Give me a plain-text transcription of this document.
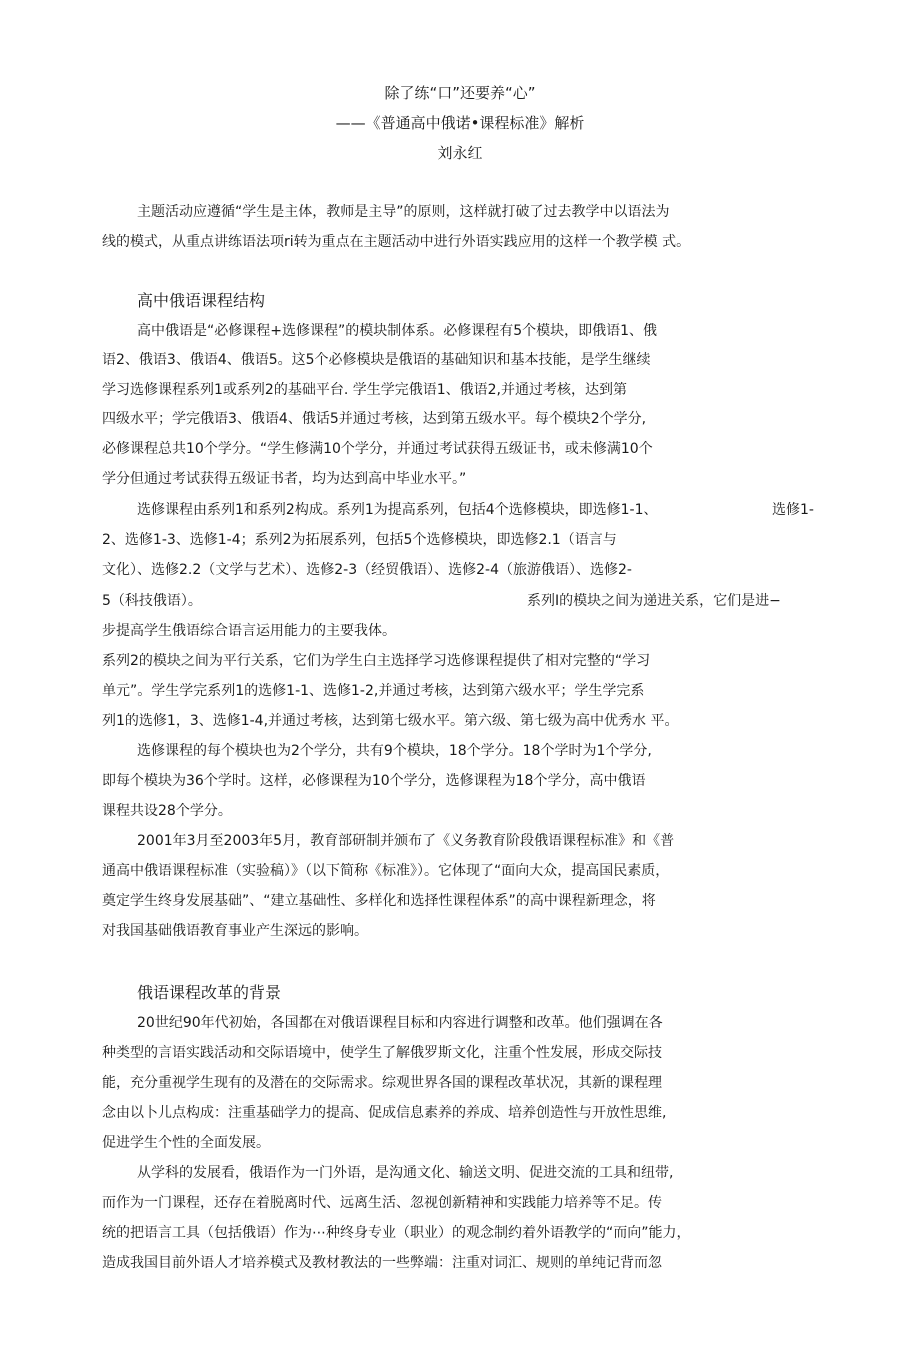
除了练“口”还要养“心”
——《普通高中俄诺•课程标准》解析
刘永红
主题活动应遵循“学生是主体，教师是主导”的原则，这样就打破了过去教学中以语法为
线的模式，从重点讲练语法项ri转为重点在主题活动中进行外语实践应用的这样一个教学模 式。
高中俄语课程结构
高中俄语是“必修课程+选修课程”的模块制体系。必修课程有5个模块，即俄语1、俄
语2、俄语3、俄语4、俄语5。这5个必修模块是俄语的基础知识和基本技能，是学生继续
学习选修课程系列1或系列2的基础平台. 学生学完俄语1、俄语2,并通过考核，达到第
四级水平；学完俄语3、俄语4、俄话5并通过考核，达到第五级水平。每个模块2个学分,
必修课程总共10个学分。“学生修满10个学分，并通过考试获得五级证书，或未修满10个
学分但通过考试获得五级证书者，均为达到高中毕业水平。”
选修课程由系列1和系列2构成。系列1为提高系列，包括4个选修模块，即选修1-1、	选修1-
2、选修1-3、选修1-4；系列2为拓展系列，包括5个选修模块，即选修2.1（语言与
文化）、选修2.2（文学与艺术）、选修2-3（经贸俄语）、选修2-4（旅游俄语）、选修2-
5（科技俄语）。	系列I的模块之间为递进关系，它们是进−
步提高学生俄语综合语言运用能力的主要我体。
系列2的模块之间为平行关系，它们为学生白主选择学习选修课程提供了相对完整的“学习
单元”。学生学完系列1的选修1-1、选修1-2,并通过考核，达到第六级水平；学生学完系
列1的选修1，3、选修1-4,并通过考核，达到第七级水平。第六级、第七级为高中优秀水 平。
选修课程的每个模块也为2个学分，共有9个模块，18个学分。18个学时为1个学分,
即每个模块为36个学时。这样，必修课程为10个学分，选修课程为18个学分，高中俄语
课程共设28个学分。
2001年3月至2003年5月，教育部研制并颁布了《义务教育阶段俄语课程标准》和《普
通高中俄语课程标准（实验稿）》（以下简称《标准》）。它体现了“面向大众，提高国民素质，
奠定学生终身发展基础”、“建立基础性、多样化和选择性课程体系”的高中课程新理念，将
对我国基础俄语教育事业产生深远的影响。
俄语课程改革的背景
20世纪90年代初始，各国都在对俄语课程目标和内容进行调整和改革。他们强调在各
种类型的言语实践活动和交际语境中，使学生了解俄罗斯文化，注重个性发展，形成交际技
能，充分重视学生现有的及潜在的交际需求。综观世界各国的课程改革状况，其新的课程理
念由以卜儿点构成：注重基础学力的提高、促成信息素养的养成、培养创造性与开放性思维,
促进学生个性的全面发展。
从学科的发展看，俄语作为一门外语，是沟通文化、输送文明、促进交流的工具和纽带,
而作为一门课程，还存在着脱离时代、远离生活、忽视创新精神和实践能力培养等不足。传
统的把语言工具（包括俄语）作为⋯种终身专业（职业）的观念制约着外语教学的“而向”能力，
造成我国目前外语人才培养模式及教材教法的一些弊端：注重对词汇、规则的单纯记背而忽
